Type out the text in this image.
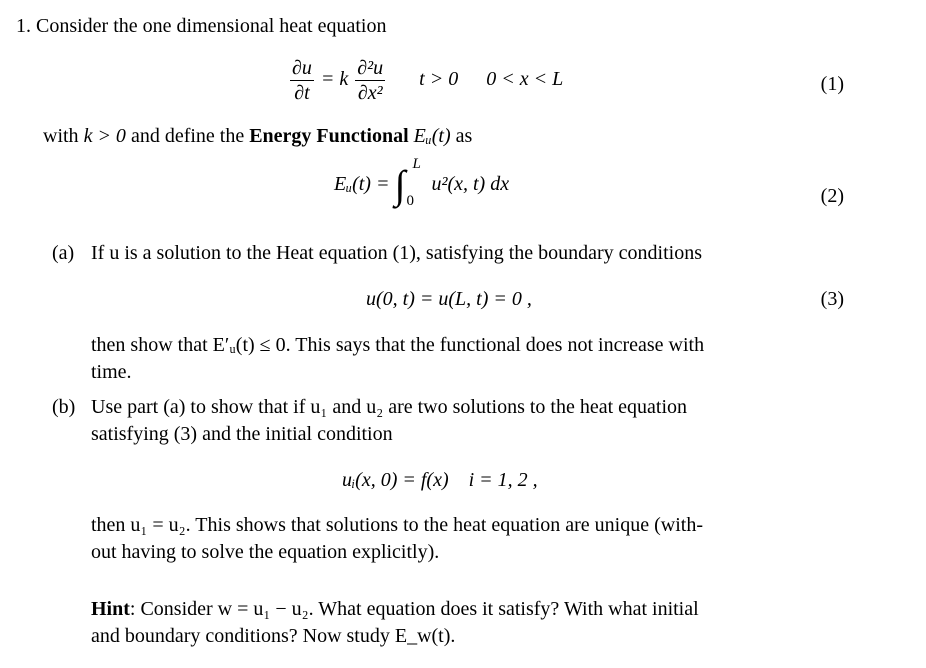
1. Consider the one dimensional heat equation
$\frac{\partial u}{\partial t} = k \frac{\text{∂²u}}{\text{∂x²}}$ t > 0 0 < x < L	(1)
with k > 0 and define the Energy Functional Eᵤ(t) as
Eᵤ(t) = ∫ L
0
u²(x, t) dx
(2)
(a) If u is a solution to the Heat equation (1), satisfying the boundary conditions
u(0, t) = u(L, t) = 0 ,	(3)
then show that E′ᵤ(t) ≤ 0. This says that the functional does not increase with
time.
(b) Use part (a) to show that if u₁ and u₂ are two solutions to the heat equation
satisfying (3) and the initial condition
uᵢ(x, 0) = f(x)    i = 1, 2 ,
then u₁ = u₂. This shows that solutions to the heat equation are unique (with-
out having to solve the equation explicitly).
Hint: Consider w = u₁ − u₂. What equation does it satisfy? With what initial
and boundary conditions? Now study E_w(t).
